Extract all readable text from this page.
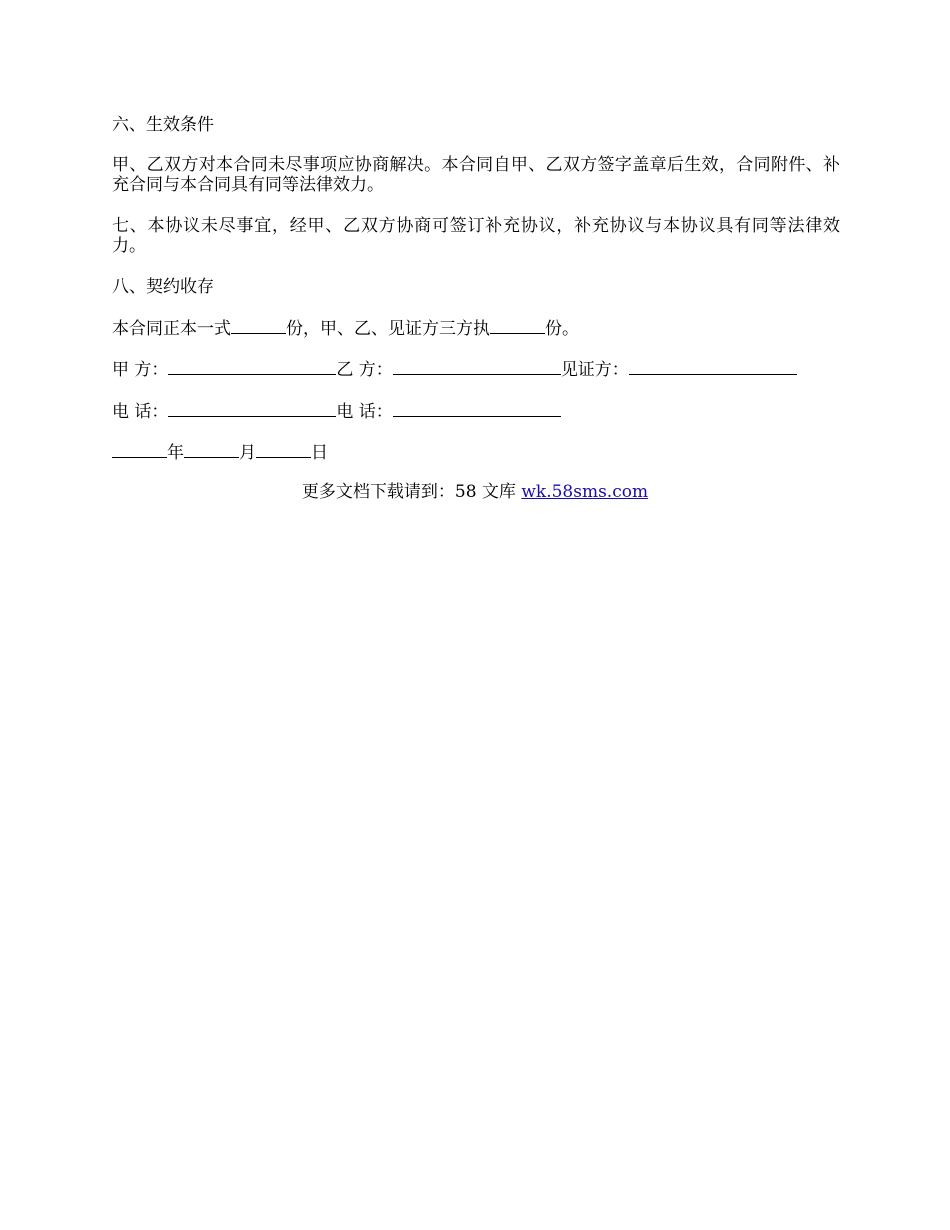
六、生效条件
甲、乙双方对本合同未尽事项应协商解决。本合同自甲、乙双方签字盖章后生效，合同附件、补充合同与本合同具有同等法律效力。
七、本协议未尽事宜，经甲、乙双方协商可签订补充协议，补充协议与本协议具有同等法律效力。
八、契约收存
本合同正本一式	份，甲、乙、见证方三方执	份。
甲 方：	乙 方：	见证方：
电 话：	电 话：
年	月	日
更多文档下载请到：58 文库 wk.58sms.com
